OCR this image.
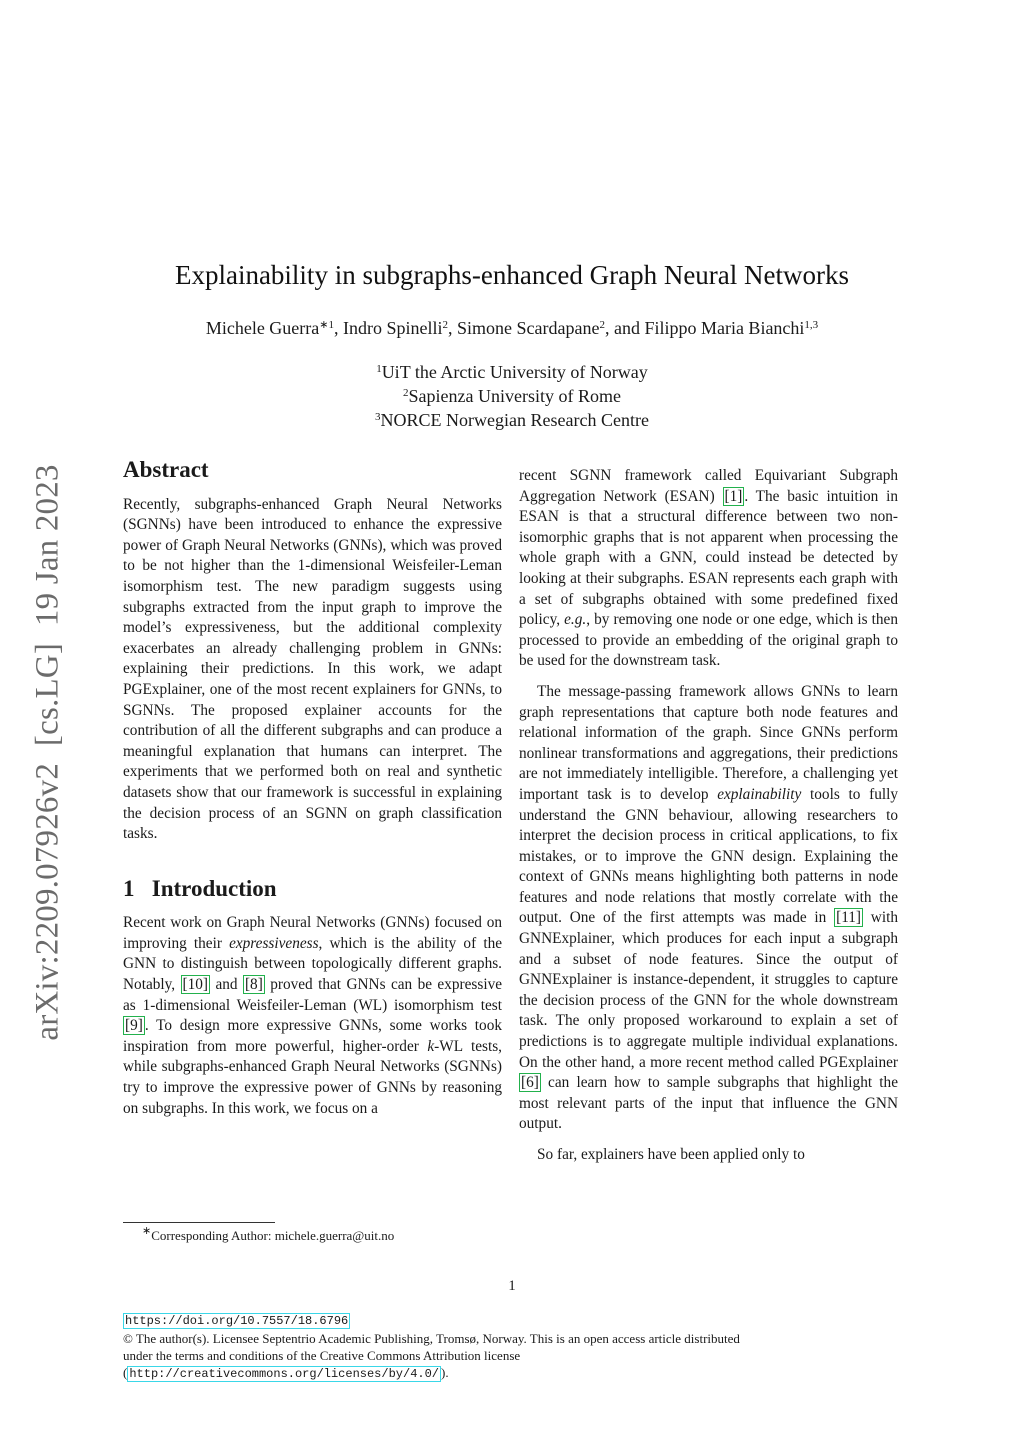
arXiv:2209.07926v2  [cs.LG]  19 Jan 2023
Explainability in subgraphs-enhanced Graph Neural Networks
Michele Guerra$^{∗1}$, Indro Spinelli$^2$, Simone Scardapane$^2$, and Filippo Maria Bianchi$^{1,3}$
$^1$UiT the Arctic University of Norway
$^2$Sapienza University of Rome
$^3$NORCE Norwegian Research Centre
Abstract

Recently, subgraphs-enhanced Graph Neural Networks (SGNNs) have been introduced to enhance the expressive power of Graph Neural Networks (GNNs), which was proved to be not higher than the 1-dimensional Weisfeiler-Leman isomorphism test. The new paradigm suggests using subgraphs extracted from the input graph to improve the model’s expressiveness, but the additional complexity exacerbates an already challenging problem in GNNs: explaining their predictions. In this work, we adapt PGExplainer, one of the most recent explainers for GNNs, to SGNNs. The proposed explainer accounts for the contribution of all the different subgraphs and can produce a meaningful explanation that humans can interpret. The experiments that we performed both on real and synthetic datasets show that our framework is successful in explaining the decision process of an SGNN on graph classification tasks.

1   Introduction

Recent work on Graph Neural Networks (GNNs) focused on improving their expressiveness, which is the ability of the GNN to distinguish between topologically different graphs. Notably, [10] and [8] proved that GNNs can be expressive as 1-dimensional Weisfeiler-Leman (WL) isomorphism test [9] . To design more expressive GNNs, some works took inspiration from more powerful, higher-order k-WL tests, while subgraphs-enhanced Graph Neural Networks (SGNNs) try to improve the expressive power of GNNs by reasoning on subgraphs. In this work, we focus on a

recent SGNN framework called Equivariant Subgraph Aggregation Network (ESAN) [1] . The basic intuition in ESAN is that a structural difference between two non-isomorphic graphs that is not apparent when processing the whole graph with a GNN, could instead be detected by looking at their subgraphs. ESAN represents each graph with a set of subgraphs obtained with some predefined fixed policy, e.g., by removing one node or one edge, which is then processed to provide an embedding of the original graph to be used for the downstream task.

The message-passing framework allows GNNs to learn graph representations that capture both node features and relational information of the graph. Since GNNs perform nonlinear transformations and aggregations, their predictions are not immediately intelligible. Therefore, a challenging yet important task is to develop explainability tools to fully understand the GNN behaviour, allowing researchers to interpret the decision process in critical applications, to fix mistakes, or to improve the GNN design. Explaining the context of GNNs means highlighting both patterns in node features and node relations that mostly correlate with the output. One of the first attempts was made in [11] with GNNExplainer, which produces for each input a subgraph and a subset of node features. Since the output of GNNExplainer is instance-dependent, it struggles to capture the decision process of the GNN for the whole downstream task. The only proposed workaround to explain a set of predictions is to aggregate multiple individual explanations. On the other hand, a more recent method called PGExplainer [6] can learn how to sample subgraphs that highlight the most relevant parts of the input that influence the GNN output.

So far, explainers have been applied only to

∗Corresponding Author: michele.guerra@uit.no
1
https://doi.org/10.7557/18.6796
© The author(s). Licensee Septentrio Academic Publishing, Tromsø, Norway. This is an open access article distributed
under the terms and conditions of the Creative Commons Attribution license
( http://creativecommons.org/licenses/by/4.0/ ).
